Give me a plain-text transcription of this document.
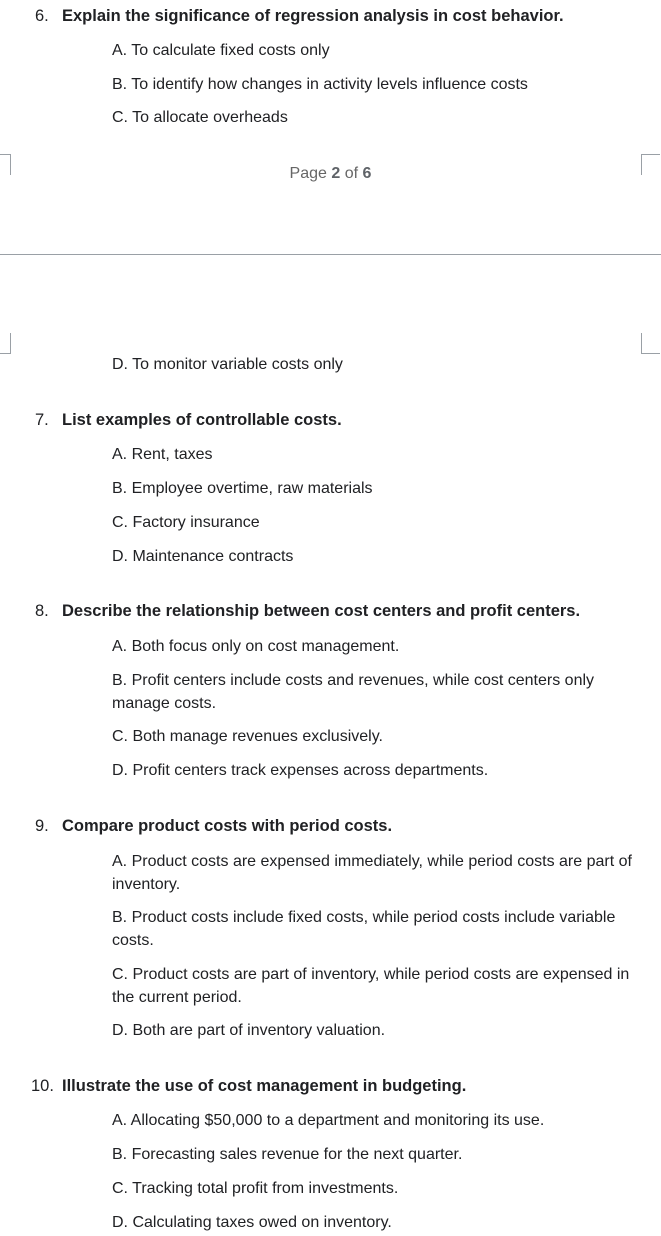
6. Explain the significance of regression analysis in cost behavior.
A. To calculate fixed costs only
B. To identify how changes in activity levels influence costs
C. To allocate overheads
Page 2 of 6
D. To monitor variable costs only
7. List examples of controllable costs.
A. Rent, taxes
B. Employee overtime, raw materials
C. Factory insurance
D. Maintenance contracts
8. Describe the relationship between cost centers and profit centers.
A. Both focus only on cost management.
B. Profit centers include costs and revenues, while cost centers only manage costs.
C. Both manage revenues exclusively.
D. Profit centers track expenses across departments.
9. Compare product costs with period costs.
A. Product costs are expensed immediately, while period costs are part of inventory.
B. Product costs include fixed costs, while period costs include variable costs.
C. Product costs are part of inventory, while period costs are expensed in the current period.
D. Both are part of inventory valuation.
10. Illustrate the use of cost management in budgeting.
A. Allocating $50,000 to a department and monitoring its use.
B. Forecasting sales revenue for the next quarter.
C. Tracking total profit from investments.
D. Calculating taxes owed on inventory.
